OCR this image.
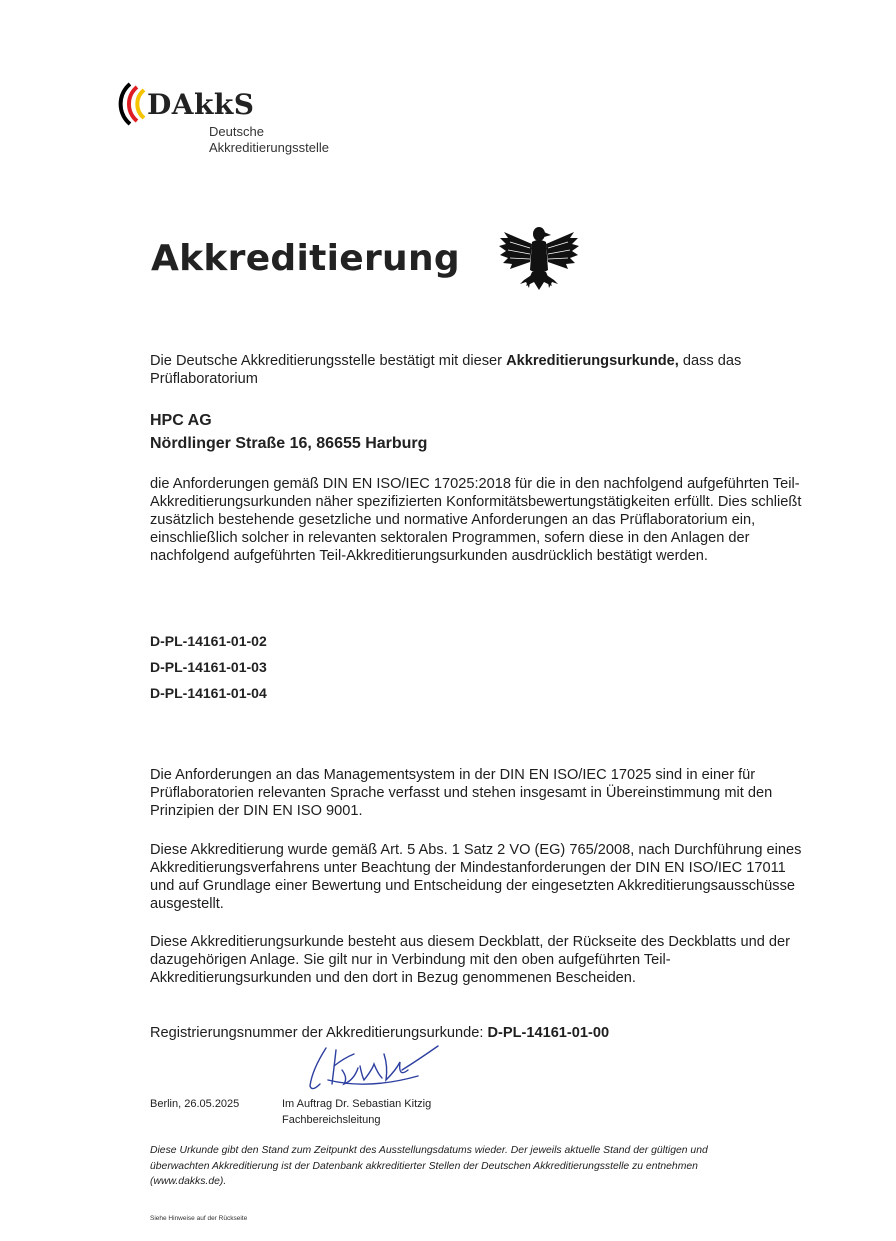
DAkkS
Deutsche
Akkreditierungsstelle
Akkreditierung
Die Deutsche Akkreditierungsstelle bestätigt mit dieser Akkreditierungsurkunde, dass das Prüflaboratorium
HPC AG
Nördlinger Straße 16, 86655 Harburg
die Anforderungen gemäß DIN EN ISO/IEC 17025:2018 für die in den nachfolgend aufgeführten Teil-Akkreditierungsurkunden näher spezifizierten Konformitätsbewertungstätigkeiten erfüllt. Dies schließt zusätzlich bestehende gesetzliche und normative Anforderungen an das Prüflaboratorium ein, einschließlich solcher in relevanten sektoralen Programmen, sofern diese in den Anlagen der nachfolgend aufgeführten Teil-Akkreditierungsurkunden ausdrücklich bestätigt werden.
D-PL-14161-01-02
D-PL-14161-01-03
D-PL-14161-01-04
Die Anforderungen an das Managementsystem in der DIN EN ISO/IEC 17025 sind in einer für Prüflaboratorien relevanten Sprache verfasst und stehen insgesamt in Übereinstimmung mit den Prinzipien der DIN EN ISO 9001.
Diese Akkreditierung wurde gemäß Art. 5 Abs. 1 Satz 2 VO (EG) 765/2008, nach Durchführung eines Akkreditierungsverfahrens unter Beachtung der Mindestanforderungen der DIN EN ISO/IEC 17011 und auf Grundlage einer Bewertung und Entscheidung der eingesetzten Akkreditierungsausschüsse ausgestellt.
Diese Akkreditierungsurkunde besteht aus diesem Deckblatt, der Rückseite des Deckblatts und der dazugehörigen Anlage. Sie gilt nur in Verbindung mit den oben aufgeführten Teil-Akkreditierungsurkunden und den dort in Bezug genommenen Bescheiden.
Registrierungsnummer der Akkreditierungsurkunde: D-PL-14161-01-00
Berlin, 26.05.2025	Im Auftrag Dr. Sebastian Kitzig
Fachbereichsleitung
Diese Urkunde gibt den Stand zum Zeitpunkt des Ausstellungsdatums wieder. Der jeweils aktuelle Stand der gültigen und überwachten Akkreditierung ist der Datenbank akkreditierter Stellen der Deutschen Akkreditierungsstelle zu entnehmen (www.dakks.de).
Siehe Hinweise auf der Rückseite
